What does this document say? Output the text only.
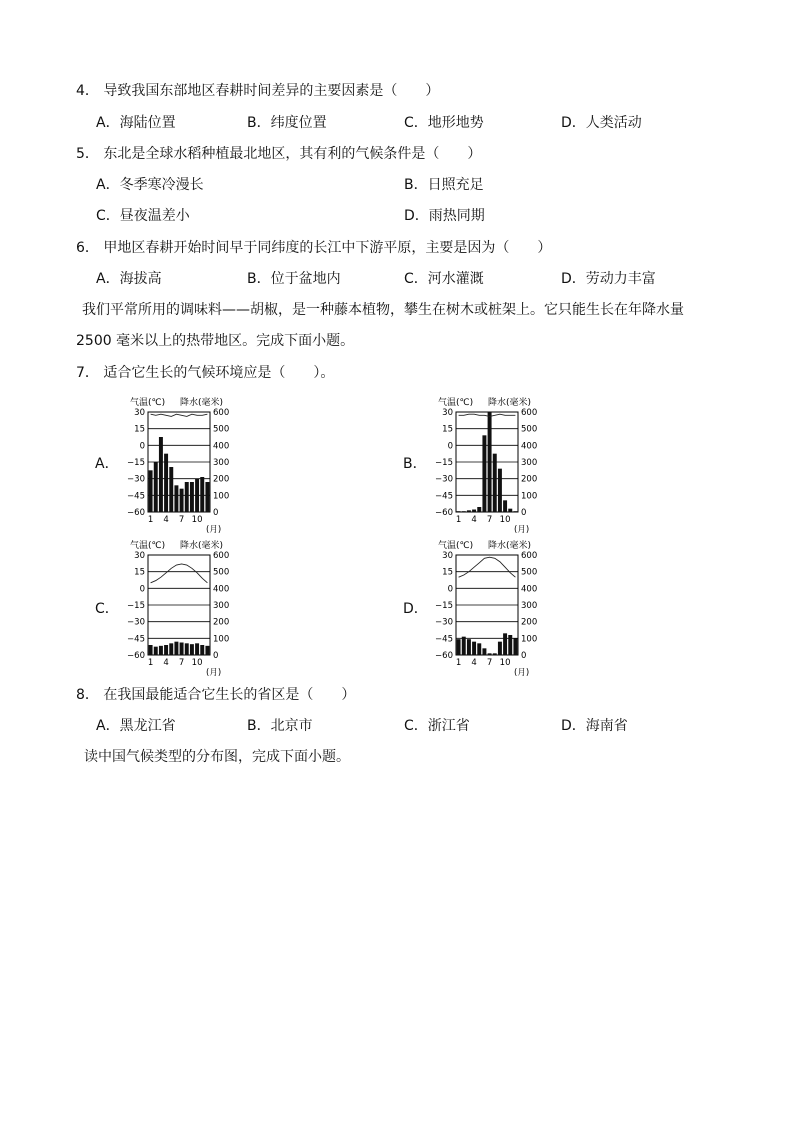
4． 导致我国东部地区春耕时间差异的主要因素是（　　）
A．海陆位置	B．纬度位置	C．地形地势	D．人类活动
5． 东北是全球水稻种植最北地区，其有利的气候条件是（　　）
A．冬季寒冷漫长	B．日照充足
C．昼夜温差小	D．雨热同期
6． 甲地区春耕开始时间早于同纬度的长江中下游平原，主要是因为（　　）
A．海拔高	B．位于盆地内	C．河水灌溉	D．劳动力丰富
我们平常所用的调味料——胡椒，是一种藤本植物，攀生在树木或桩架上。它只能生长在年降水量
2500 毫米以上的热带地区。完成下面小题。
7． 适合它生长的气候环境应是（　　）。
A．
气温(℃) 降水(毫米)
30	600
15	500
0	400
−15	300
−30	200
−45	100
−60	0
1 4 7 10
(月)
B．
气温(℃) 降水(毫米)
30	600
15	500
0	400
−15	300
−30	200
−45	100
−60	0
1 4 7 10
(月)
C．
气温(℃) 降水(毫米)
30	600
15	500
0	400
−15	300
−30	200
−45	100
−60	0
1 4 7 10
(月)
D．
气温(℃) 降水(毫米)
30	600
15	500
0	400
−15	300
−30	200
−45	100
−60	0
1 4 7 10
(月)
8． 在我国最能适合它生长的省区是（　　）
A．黑龙江省	B．北京市	C．浙江省	D．海南省
读中国气候类型的分布图，完成下面小题。
